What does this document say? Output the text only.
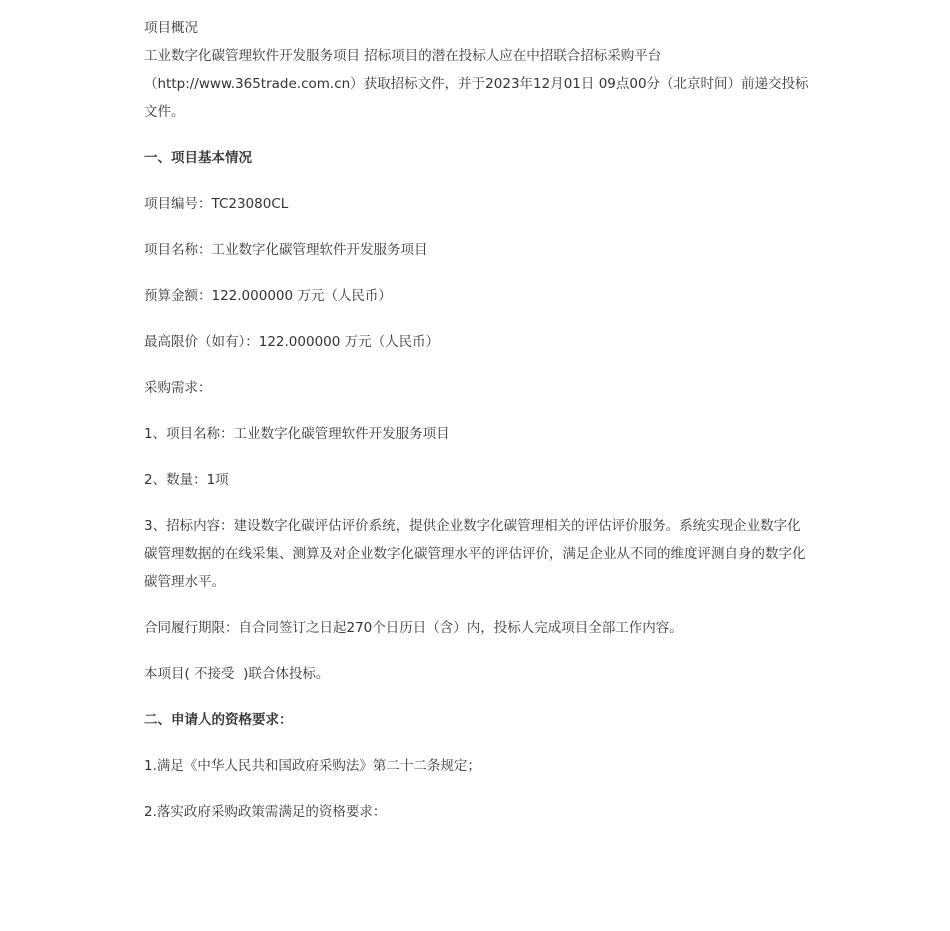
项目概况

工业数字化碳管理软件开发服务项目 招标项目的潜在投标人应在中招联合招标采购平台（http://www.365trade.com.cn）获取招标文件，并于2023年12月01日 09点00分（北京时间）前递交投标文件。

一、项目基本情况

项目编号：TC23080CL

项目名称：工业数字化碳管理软件开发服务项目

预算金额：122.000000 万元（人民币）

最高限价（如有）：122.000000 万元（人民币）

采购需求：

1、项目名称：工业数字化碳管理软件开发服务项目

2、数量：1项

3、招标内容：建设数字化碳评估评价系统，提供企业数字化碳管理相关的评估评价服务。系统实现企业数字化碳管理数据的在线采集、测算及对企业数字化碳管理水平的评估评价，满足企业从不同的维度评测自身的数字化碳管理水平。

合同履行期限：自合同签订之日起270个日历日（含）内，投标人完成项目全部工作内容。

本项目( 不接受  )联合体投标。

二、申请人的资格要求：

1.满足《中华人民共和国政府采购法》第二十二条规定；

2.落实政府采购政策需满足的资格要求：
